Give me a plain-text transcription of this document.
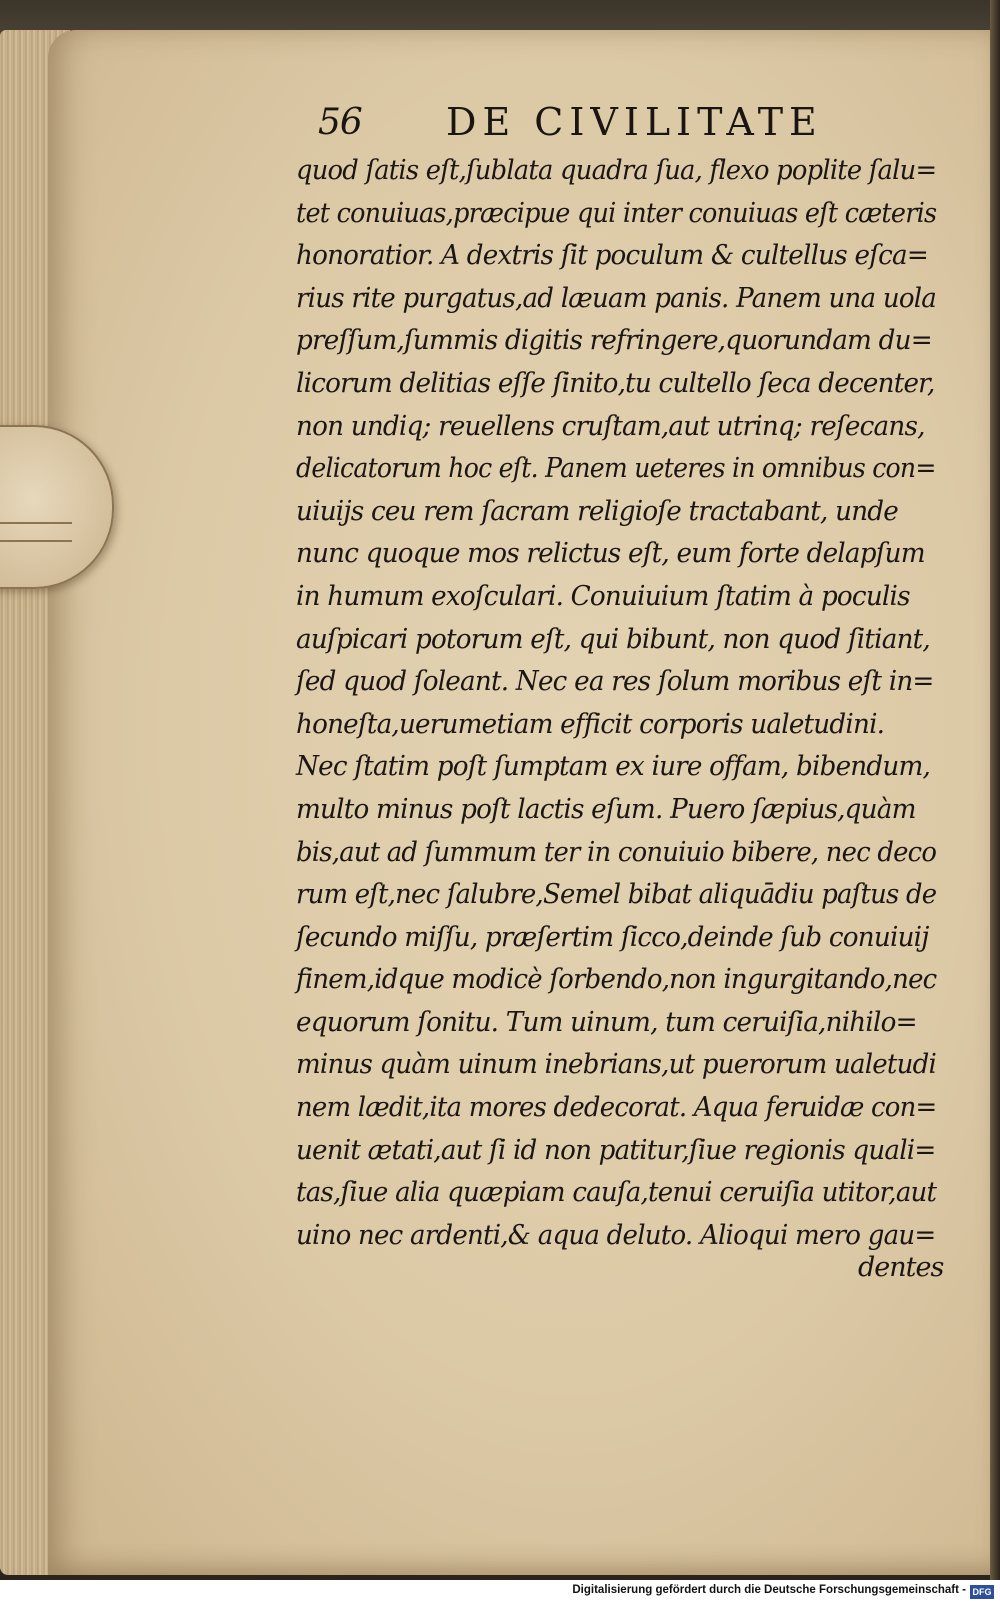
56 DE CIVILITATE
quod ſatis eſt,ſublata quadra ſua, flexo poplite ſalu=
tet conuiuas,præcipue qui inter conuiuas eſt cæteris
honoratior. A dextris ſit poculum & cultellus eſca=
rius rite purgatus,ad læuam panis. Panem una uola
preſſum,ſummis digitis refringere,quorundam du=
licorum delitias eſſe ſinito,tu cultello ſeca decenter,
non undiq; reuellens cruſtam,aut utrinq; reſecans,
delicatorum hoc eſt. Panem ueteres in omnibus con=
uiuijs ceu rem ſacram religioſe tractabant, unde
nunc quoque mos relictus eſt, eum forte delapſum
in humum exoſculari. Conuiuium ſtatim à poculis
auſpicari potorum eſt, qui bibunt, non quod ſitiant,
ſed quod ſoleant. Nec ea res ſolum moribus eſt in=
honeſta,uerumetiam efficit corporis ualetudini.
Nec ſtatim poſt ſumptam ex iure offam, bibendum,
multo minus poſt lactis eſum. Puero ſæpius,quàm
bis,aut ad ſummum ter in conuiuio bibere, nec deco
rum eſt,nec ſalubre,Semel bibat aliquādiu paſtus de
ſecundo miſſu, præſertim ſicco,deinde ſub conuiuij
finem,idque modicè ſorbendo,non ingurgitando,nec
equorum ſonitu. Tum uinum, tum ceruiſia,nihilo=
minus quàm uinum inebrians,ut puerorum ualetudi
nem lædit,ita mores dedecorat. Aqua feruidæ con=
uenit ætati,aut ſi id non patitur,ſiue regionis quali=
tas,ſiue alia quæpiam cauſa,tenui ceruiſia utitor,aut
uino nec ardenti,& aqua deluto. Alioqui mero gau=
dentes
Digitalisierung gefördert durch die Deutsche Forschungsgemeinschaft - DFG
